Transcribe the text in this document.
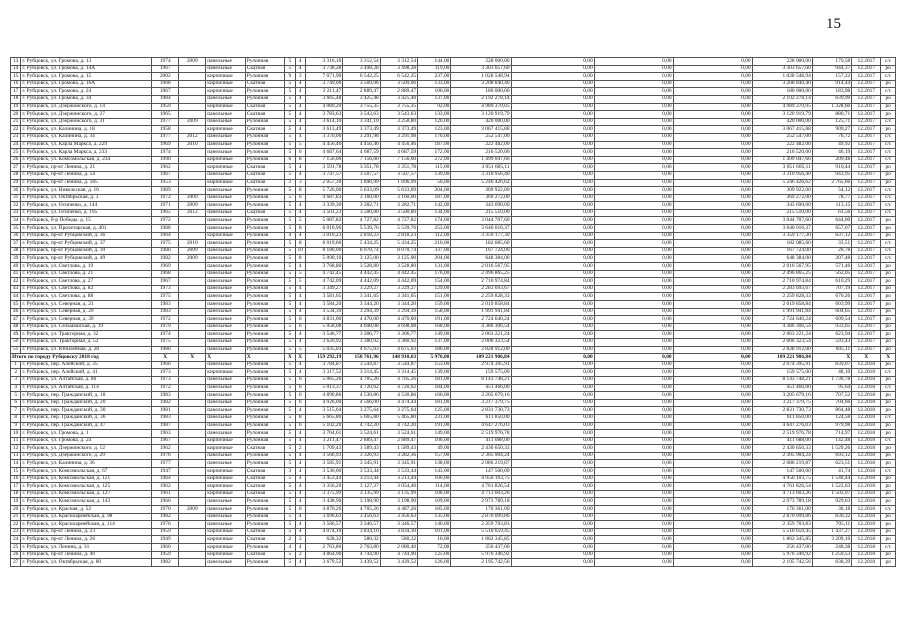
15
13	г. Рубцовск, ул. Громова, д. 13	1974	2009	панельные	Рулонная	5	4	3 316,10	3 312,54	3 312,54	144,00	228 000,00	0,00	0,00	0,00	228 000,00	170,58	12.2017	с/с
14	г. Рубцовск, ул. Громова, д. 14А	1967		панельные	Скатная	5	4	3 738,28	3 498,28	3 498,28	119,00	3 303 657,60	0,00	0,00	0,00	3 303 657,60	944,37	12.2017	ро
15	г. Рубцовск, ул. Громова, д. 15	2002		кирпичные	Рулонная	9	3	7 071,90	6 542,25	6 542,25	237,00	1 028 548,94	0,00	0,00	0,00	1 028 548,94	157,22	12.2017	с/с
16	г. Рубцовск, ул. Громова, д. 16А	1968		кирпичные	Скатная	5	4	3 749,06	3 509,06	3 509,06	133,00	3 208 840,40	0,00	0,00	0,00	3 208 840,40	914,44	12.2017	ро
17	г. Рубцовск, ул. Громова, д. 24	1967		кирпичные	Рулонная	5	4	3 211,47	2 889,47	2 889,47	106,00	180 000,00	0,00	0,00	0,00	180 000,00	183,98	12.2017	с/с
18	г. Рубцовск, ул. Громова, д. 34	1984		панельные	Рулонная	5	4	3 665,48	3 425,48	3 425,48	137,00	2 192 278,14	0,00	0,00	0,00	2 192 278,14	639,99	12.2017	ро
19	г. Рубцовск, ул. Дзержинского, д. 14	1959		кирпичные	Скатная	5	4	4 089,20	3 755,35	3 755,35	92,00	4 989 370,05	0,00	0,00	0,00	4 989 370,05	1 328,60	12.2017	ро
20	г. Рубцовск, ул. Дзержинского, д. 27	1965		панельные	Скатная	5	4	3 783,63	3 543,63	3 543,63	133,00	3 120 919,79	0,00	0,00	0,00	3 120 919,79	880,71	12.2017	ро
21	г. Рубцовск, ул. Дзержинского, д. 31	1977	2009	панельные	Рулонная	5	4	3 614,10	3 341,10	3 258,80	126,00	420 000,00	0,00	0,00	0,00	420 000,00	125,71	12.2017	с/с
22	г. Рубцовск, ул. Калинина, д. 18	1958		кирпичные	Скатная	5	4	3 613,49	3 373,49	3 373,49	123,00	3 067 415,88	0,00	0,00	0,00	3 067 415,88	909,27	12.2017	ро
23	г. Рубцовск, ул. Калинина, д. 34	1977	2012	панельные	Рулонная	5	4	3 370,00	3 291,98	3 291,98	170,00	252 547,00	0,00	0,00	0,00	252 547,00	76,72	12.2017	с/с
24	г. Рубцовск, ул. Карла Маркса, д. 229	1969	2010	панельные	Рулонная	5	5	4 456,46	4 456,46	4 456,46	187,00	222 482,00	0,00	0,00	0,00	222 482,00	49,92	12.2017	с/с
25	г. Рубцовск, ул. Карла Маркса, д. 233	1974		панельные	Рулонная	5	6	4 687,64	4 687,59	4 687,59	172,00	216 520,00	0,00	0,00	0,00	216 520,00	46,19	12.2017	с/с
26	г. Рубцовск, ул. Комсомольская, д. 234	1990		кирпичные	Рулонная	6	8	7 156,00	7 156,00	7 156,00	272,00	1 499 047,66	0,00	0,00	0,00	1 499 047,66	209,48	12.2017	с/с
27	г. Рубцовск, пр-кт Ленина, д. 21	1962		кирпичные	Скатная	5	4	3 591,78	3 351,78	3 351,78	115,00	3 051 605,11	0,00	0,00	0,00	3 051 605,11	910,44	12.2017	ро
28	г. Рубцовск, пр-кт Ленина, д. 54	1967		панельные	Скатная	5	4	3 747,57	3 507,57	3 507,57	139,00	3 310 956,40	0,00	0,00	0,00	3 310 956,40	943,95	12.2017	ро
29	г. Рубцовск, пр-кт Ленина, д. 185	1953		кирпичные	Скатная	3	3	2 057,30	1 896,99	1 896,99	56,00	5 246 426,62	0,00	0,00	0,00	5 246 426,62	2 765,66	12.2017	ро
30	г. Рубцовск, ул. Никольская, д. 16	1989		панельные	Рулонная	5	8	5 726,00	5 633,09	5 633,09	204,00	309 922,00	0,00	0,00	0,00	309 922,00	54,12	12.2017	с/с
31	г. Рубцовск, ул. Октябрьская, д. 3	1972	2009	панельные	Рулонная	5	6	4 687,83	3 160,00	3 160,00	187,00	369 272,00	0,00	0,00	0,00	369 272,00	78,77	12.2017	с/с
32	г. Рубцовск, ул. Осипенко, д. 144	1971	2009	панельные	Рулонная	5	4	3 339,30	3 282,71	3 282,71	142,00	343 690,00	0,00	0,00	0,00	343 690,00	113,15	12.2017	с/с
33	г. Рубцовск, ул. Осипенко, д. 195	1965	2012	панельные	Скатная	5	4	3 501,23	3 500,80	3 500,80	134,00	215 510,00	0,00	0,00	0,00	215 510,00	61,56	12.2017	с/с
34	г. Рубцовск, б-р Победы, д. 15	1972		панельные	Рулонная	5	5	5 087,82	4 727,82	4 727,82	174,00	3 044 707,60	0,00	0,00	0,00	3 044 707,60	644,00	12.2017	ро
35	г. Рубцовск, ул. Пролетарская, д. 401	1988		панельные	Рулонная	5	8	6 010,96	5 539,76	5 539,76	253,00	3 640 016,37	0,00	0,00	0,00	3 640 016,37	657,07	12.2017	ро
36	г. Рубцовск, пр-кт Рубцовский, д. 36	1964		кирпичные	Рулонная	4	4	3 010,23	2 818,23	2 818,23	112,00	3 359 177,30	0,00	0,00	0,00	3 359 177,30	837,12	12.2017	ро
37	г. Рубцовск, пр-кт Рубцовский, д. 37	1975	2010	панельные	Рулонная	5	8	6 019,60	5 434,25	5 434,25	210,00	182 085,60	0,00	0,00	0,00	182 085,60	33,51	12.2017	с/с
38	г. Рубцовск, пр-кт Рубцовский, д. 39	1980	2009	панельные	Рулонная	5	10	8 180,00	8 070,74	8 070,74	337,00	167 724,00	0,00	0,00	0,00	167 724,00	20,78	12.2017	с/с
39	г. Рубцовск, пр-кт Рубцовский, д. 49	1982	2009	панельные	Рулонная	5	8	5 090,10	3 125,00	3 125,00	204,00	648 384,00	0,00	0,00	0,00	648 384,00	207,48	12.2017	с/с
40	г. Рубцовск, ул. Светлова, д. 19	1969		панельные	Рулонная	5	4	3 768,80	3 528,80	3 528,80	131,00	2 016 567,95	0,00	0,00	0,00	2 016 567,95	571,46	12.2017	ро
41	г. Рубцовск, ул. Светлова, д. 21	1968		панельные	Рулонная	5	5	4 742,45	4 442,45	4 442,45	176,00	2 496 865,25	0,00	0,00	0,00	2 496 865,25	562,05	12.2017	ро
42	г. Рубцовск, ул. Светлова, д. 27	1967		панельные	Рулонная	5	5	4 742,09	4 442,09	4 442,09	154,00	2 710 974,84	0,00	0,00	0,00	2 710 974,84	610,29	12.2017	ро
43	г. Рубцовск, ул. Светлова, д. 82	1973		панельные	Рулонная	5	4	3 349,27	3 229,27	3 229,27	129,00	2 283 693,67	0,00	0,00	0,00	2 283 693,67	707,19	12.2017	ро
44	г. Рубцовск, ул. Светлова, д. 88	1975		панельные	Рулонная	5	4	3 581,65	3 341,65	3 341,65	151,00	2 259 828,33	0,00	0,00	0,00	2 259 828,33	676,26	12.2017	ро
45	г. Рубцовск, ул. Северная, д. 21	1983		панельные	Рулонная	5	4	3 584,20	3 344,20	3 344,20	159,00	2 019 858,84	0,00	0,00	0,00	2 019 858,84	603,99	12.2017	ро
46	г. Рубцовск, ул. Северная, д. 29	1983		панельные	Рулонная	5	4	3 534,39	3 294,39	3 294,39	158,00	1 991 941,84	0,00	0,00	0,00	1 991 941,84	604,65	12.2017	ро
47	г. Рубцовск, ул. Северная, д. 39	1972		панельные	Рулонная	5	6	4 831,00	4 470,00	4 470,00	191,00	2 724 640,24	0,00	0,00	0,00	2 724 640,24	609,54	12.2017	ро
48	г. Рубцовск, ул. Сельмашская, д. 19	1979		панельные	Рулонная	5	6	5 058,08	4 698,08	4 698,08	168,00	4 386 306,54	0,00	0,00	0,00	4 386 306,54	933,65	12.2017	ро
49	г. Рубцовск, ул. Тракторная, д. 32	1974		панельные	Рулонная	5	4	3 546,77	3 306,77	3 306,77	149,00	2 063 221,24	0,00	0,00	0,00	2 063 221,24	623,94	12.2017	ро
50	г. Рубцовск, ул. Тракторная, д. 52	1975		панельные	Рулонная	5	4	3 620,92	3 380,92	3 380,92	137,00	2 006 323,54	0,00	0,00	0,00	2 006 323,54	593,43	12.2017	ро
51	г. Рубцовск, ул. Юбилейная, д. 28	1986		панельные	Рулонная	5	5	5 035,03	4 675,03	4 675,03	186,00	2 828 912,00	0,00	0,00	0,00	2 828 912,00	605,11	12.2017	ро
Итого по городу Рубцовску 2018 год		Х	Х	Х	Х	Х	Х	159 292,19	150 761,96	148 910,63	5 976,00	109 221 906,84	0,00	0,00	0,00	109 221 906,84	Х	Х	Х
1	г. Рубцовск, пер. Алейский, д. 35	1966		панельные	Рулонная	5	4	3 784,87	3 544,87	3 544,87	153,00	2 974 395,91	0,00	0,00	0,00	2 974 395,91	839,07	12.2018	ро
2	г. Рубцовск, пер. Алейский, д. 41	1973		кирпичные	Рулонная	5	4	3 317,52	3 314,45	3 314,45	139,00	159 575,00	0,00	0,00	0,00	159 575,00	48,10	12.2018	с/с
3	г. Рубцовск, ул. Алтайская, д. 80	1973		панельные	Рулонная	5	6	5 065,26	4 705,26	4 705,26	181,00	8 143 748,21	0,00	0,00	0,00	8 143 748,21	1 730,78	12.2018	ро
4	г. Рубцовск, ул. Алтайская, д. 114	1972		панельные	Рулонная	5	6	5 013,37	4 720,62	4 720,62	184,00	451 466,00	0,00	0,00	0,00	451 466,00	95,64	12.2018	с/с
5	г. Рубцовск, пер. Гражданский, д. 18	1983		панельные	Рулонная	5	6	4 890,86	4 530,86	4 530,86	166,00	3 205 679,16	0,00	0,00	0,00	3 205 679,16	707,52	12.2018	ро
6	г. Рубцовск, пер. Гражданский, д. 20	1982		панельные	Рулонная	5	6	4 926,00	4 566,00	4 474,44	181,00	3 217 379,75	0,00	0,00	0,00	3 217 379,75	704,66	12.2018	ро
7	г. Рубцовск, пер. Гражданский, д. 30	1981		панельные	Рулонная	5	4	3 515,64	3 275,64	3 275,64	125,00	2 831 730,73	0,00	0,00	0,00	2 831 730,73	864,48	12.2018	ро
8	г. Рубцовск, пер. Гражданский, д. 36	1983		панельные	Рулонная	5	8	5 665,80	5 665,80	5 465,80	231,00	611 850,00	0,00	0,00	0,00	611 850,00	124,58	12.2018	с/с
9	г. Рубцовск, пер. Гражданский, д. 47	1987		панельные	Рулонная	5	6	5 102,20	4 742,20	4 742,20	191,00	4 647 276,03	0,00	0,00	0,00	4 647 276,03	979,98	12.2018	ро
10	г. Рубцовск, ул. Громова, д. 1	1963		панельные	Рулонная	5	4	3 764,61	3 524,61	3 524,61	149,00	2 519 976,78	0,00	0,00	0,00	2 519 976,78	714,97	12.2018	ро
11	г. Рубцовск, ул. Громова, д. 24	1967		кирпичные	Рулонная	5	4	3 211,47	2 889,47	2 889,47	106,00	411 688,00	0,00	0,00	0,00	411 688,00	142,48	12.2018	с/с
12	г. Рубцовск, ул. Дзержинского, д. 12	1962		кирпичные	Скатная	5	2	1 709,43	1 589,43	1 589,43	49,00	2 430 650,33	0,00	0,00	0,00	2 430 650,33	1 529,26	12.2018	ро
13	г. Рубцовск, ул. Дзержинского, д. 29	1976		панельные	Рулонная	5	4	3 566,93	3 326,93	3 282,36	157,00	2 305 904,24	0,00	0,00	0,00	2 305 904,24	693,12	12.2018	ро
14	г. Рубцовск, ул. Калинина, д. 36	1977		панельные	Рулонная	5	4	3 585,91	3 345,91	3 345,91	138,00	2 086 219,87	0,00	0,00	0,00	2 086 219,87	623,51	12.2018	ро
15	г. Рубцовск, ул. Комсомольская, д. 67	1947		кирпичные	Скатная	3	4	3 536,00	3 533,44	3 533,44	143,00	147 500,00	0,00	0,00	0,00	147 500,00	41,74	12.2018	с/с
16	г. Рубцовск, ул. Комсомольская, д. 121	1964		кирпичные	Скатная	5	4	3 453,44	3 213,44	3 213,44	106,00	4 950 103,75	0,00	0,00	0,00	4 950 103,75	1 540,44	12.2018	ро
17	г. Рубцовск, ул. Комсомольская, д. 125	1962		кирпичные	Скатная	5	4	3 356,20	3 127,37	3 054,40	114,00	4 761 826,54	0,00	0,00	0,00	4 761 826,54	1 522,63	12.2018	ро
18	г. Рубцовск, ул. Комсомольская, д. 127	1961		кирпичные	Скатная	5	4	3 375,99	3 135,99	3 135,99	108,00	4 713 603,26	0,00	0,00	0,00	4 713 603,26	1 503,07	12.2018	ро
19	г. Рубцовск, ул. Комсомольская, д. 143	1966		панельные	Рулонная	5	4	3 438,90	3 198,90	3 198,90	109,00	2 973 789,18	0,00	0,00	0,00	2 973 789,18	929,63	12.2018	ро
20	г. Рубцовск, ул. Красная, д. 52	1970	2009	панельные	Рулонная	5	6	4 870,26	4 705,26	4 487,26	185,00	170 361,00	0,00	0,00	0,00	170 361,00	36,18	12.2018	с/с
21	г. Рубцовск, ул. Красноармейская, д. 98	1982		панельные	Рулонная	5	4	3 696,63	3 456,63	3 456,63	135,00	2 870 099,86	0,00	0,00	0,00	2 870 099,86	830,32	12.2018	ро
22	г. Рубцовск, ул. Красноармейская, д. 114	1976		панельные	Рулонная	5	4	3 586,57	3 346,57	3 346,57	140,00	2 359 703,83	0,00	0,00	0,00	2 359 703,83	705,11	12.2018	ро
23	г. Рубцовск, пр-кт Ленина, д. 23	1959		кирпичные	Скатная	5	4	4 074,10	3 834,10	3 834,10	101,00	5 510 659,45	0,00	0,00	0,00	5 510 659,45	1 437,27	12.2018	ро
24	г. Рубцовск, пр-кт Ленина, д. 26	1949		кирпичные	Скатная	2	2	628,32	580,32	580,32	16,00	1 862 345,85	0,00	0,00	0,00	1 862 345,85	3 209,16	12.2018	ро
25	г. Рубцовск, ул. Ленина, д. 31	1960		кирпичные	Рулонная	4	4	2 763,80	2 763,80	2 080,40	72,00	256 437,00	0,00	0,00	0,00	256 437,00	248,38	12.2018	с/с
26	г. Рубцовск, пр-кт Ленина, д. 40	1959		кирпичные	Скатная	5	2	4 864,90	4 744,90	4 744,90	125,00	5 976 346,92	0,00	0,00	0,00	5 976 346,92	1 259,53	12.2018	ро
27	г. Рубцовск, ул. Октябрьская, д. 80	1982		панельные	Рулонная	5	4	3 679,52	3 439,52	3 439,52	126,00	2 195 742,56	0,00	0,00	0,00	2 195 742,56	638,39	12.2018	ро
